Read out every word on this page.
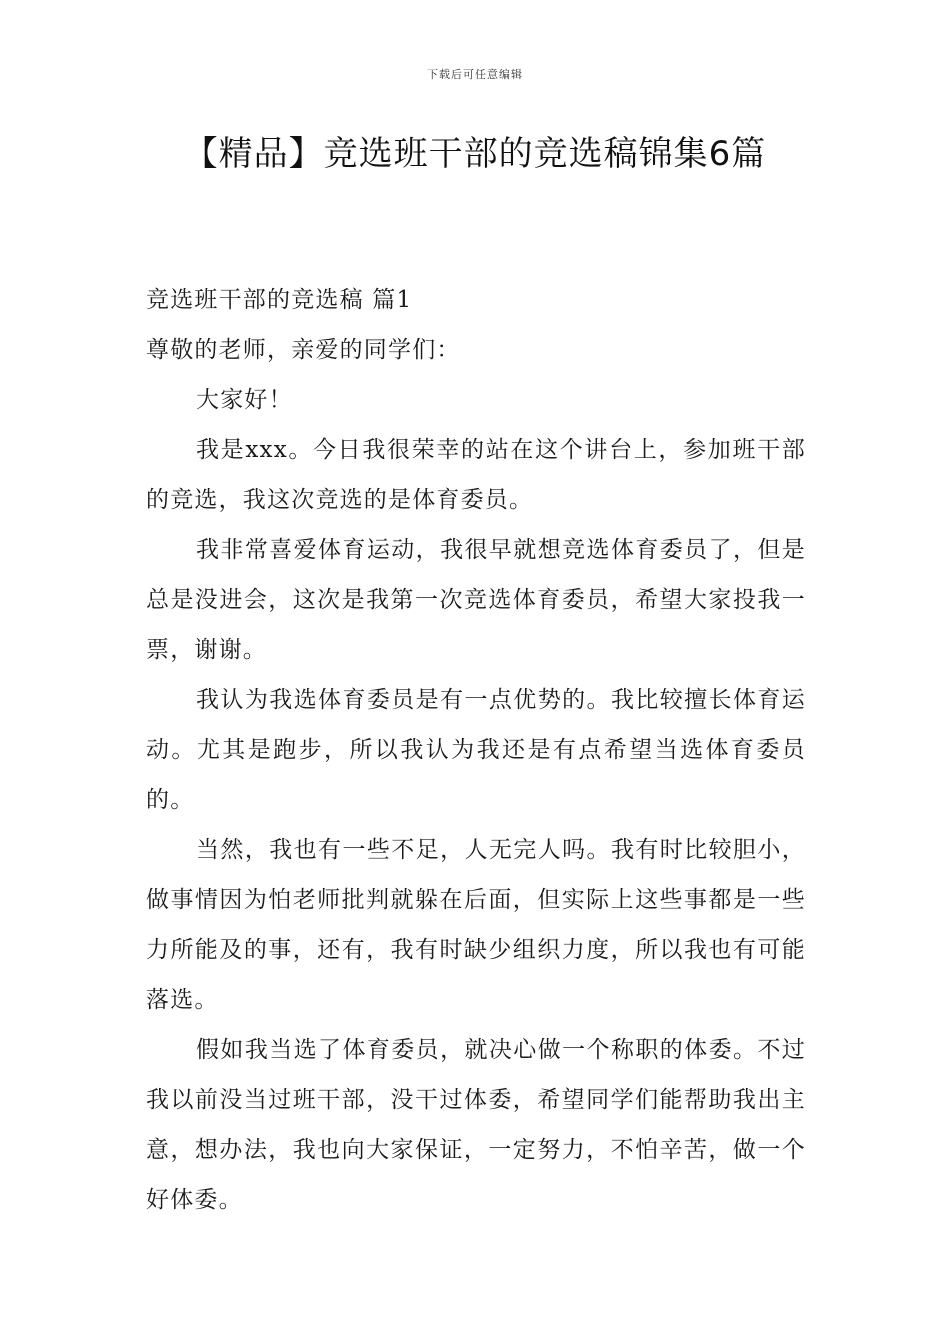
下载后可任意编辑
【精品】竞选班干部的竞选稿锦集6篇

竞选班干部的竞选稿 篇1

尊敬的老师，亲爱的同学们：

大家好！

我是xxx。今日我很荣幸的站在这个讲台上，参加班干部的竞选，我这次竞选的是体育委员。

我非常喜爱体育运动，我很早就想竞选体育委员了，但是总是没进会，这次是我第一次竞选体育委员，希望大家投我一票，谢谢。

我认为我选体育委员是有一点优势的。我比较擅长体育运动。尤其是跑步，所以我认为我还是有点希望当选体育委员的。

当然，我也有一些不足，人无完人吗。我有时比较胆小，做事情因为怕老师批判就躲在后面，但实际上这些事都是一些力所能及的事，还有，我有时缺少组织力度，所以我也有可能落选。

假如我当选了体育委员，就决心做一个称职的体委。不过我以前没当过班干部，没干过体委，希望同学们能帮助我出主意，想办法，我也向大家保证，一定努力，不怕辛苦，做一个好体委。
